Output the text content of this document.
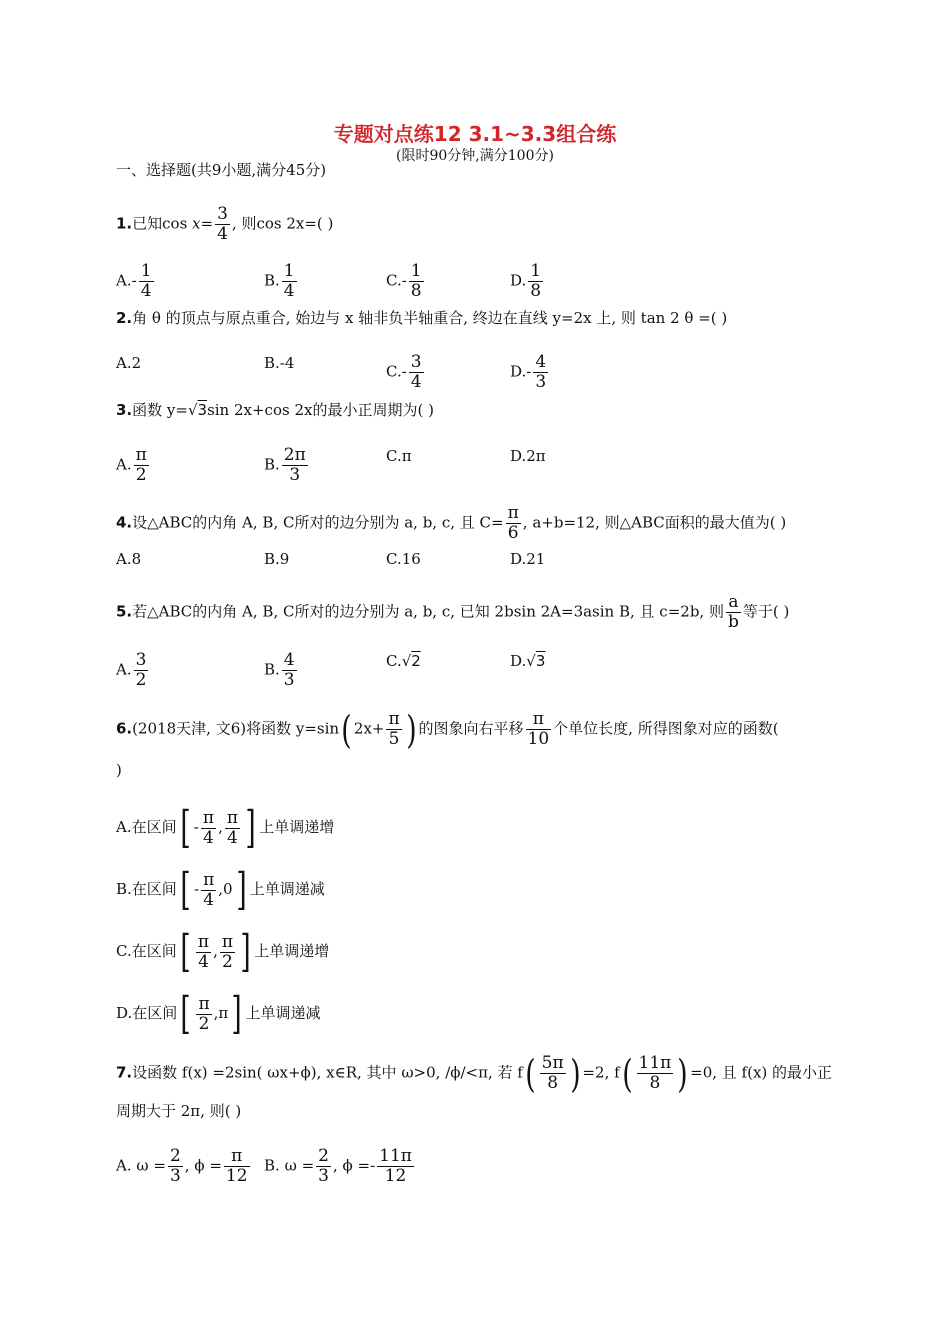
专题对点练12 3.1~3.3组合练
(限时90分钟,满分100分)
一、选择题(共9小题,满分45分)
1.已知$\cos x= \frac{3}{4}$ , 则cos 2x=( )
$A.- \frac{1}{4}$	B. $\frac{1}{4}$	$C.- \frac{1}{8}$	D. $\frac{1}{8}$
2.角 θ 的顶点与原点重合, 始边与 x 轴非负半轴重合, 终边在直线 y=2x 上, 则 tan 2 θ =( )
A.2	B.-4	$C.- \frac{3}{4}$	$D.- \frac{4}{3}$
3.函数 y=√3sin 2x+cos 2x的最小正周期为( )
A. $\frac{\pi}{2}$	B. $\frac{2\pi}{3}$	C.π	D.2π
4.设△ABC的内角 A, B, C所对的边分别为 a, b, c, 且 $C= \frac{\pi}{6}$ , a+b=12, 则△ABC面积的最大值为( )
A.8	B.9	C.16	D.21
5.若△ABC的内角 A, B, C所对的边分别为 a, b, c, 已知 2bsin 2A=3asin B, 且 c=2b, 则 $\frac{a}{b}$ 等于( )
A. $\frac{3}{2}$	B. $\frac{4}{3}$	C.√2	D.√3
6.(2018天津, 文6)将函数 y=sin( $2x+ \frac{\pi}{5}$ ) 的图象向右平移 $\frac{\pi}{10}$ 个单位长度, 所得图象对应的函数(
)
A.在区间[ - $\frac{\pi}{4}$ , $\frac{\pi}{4}$ ] 上单调递增
B.在区间[ - $\frac{\pi}{4} ,0$] 上单调递减
C.在区间[ $\frac{\pi}{4}$ , $\frac{\pi}{2}$ ] 上单调递增
D.在区间[ $\frac{\pi}{2} ,\pi$] 上单调递减
7.设函数 f(x) =2sin( ωx+ϕ), x∈R, 其中 ω>0, /ϕ/<π, 若 $f( \frac{5\pi}{8}$ ) =2, $f( \frac{11\pi}{8}$ ) =0, 且 f(x) 的最小正
周期大于 2π, 则( )
A. $\omega = \frac{2}{3}$ , $\phi = \frac{\pi}{12} B$. $\omega = \frac{2}{3}$ , $\phi =- \frac{11\pi}{12}$
